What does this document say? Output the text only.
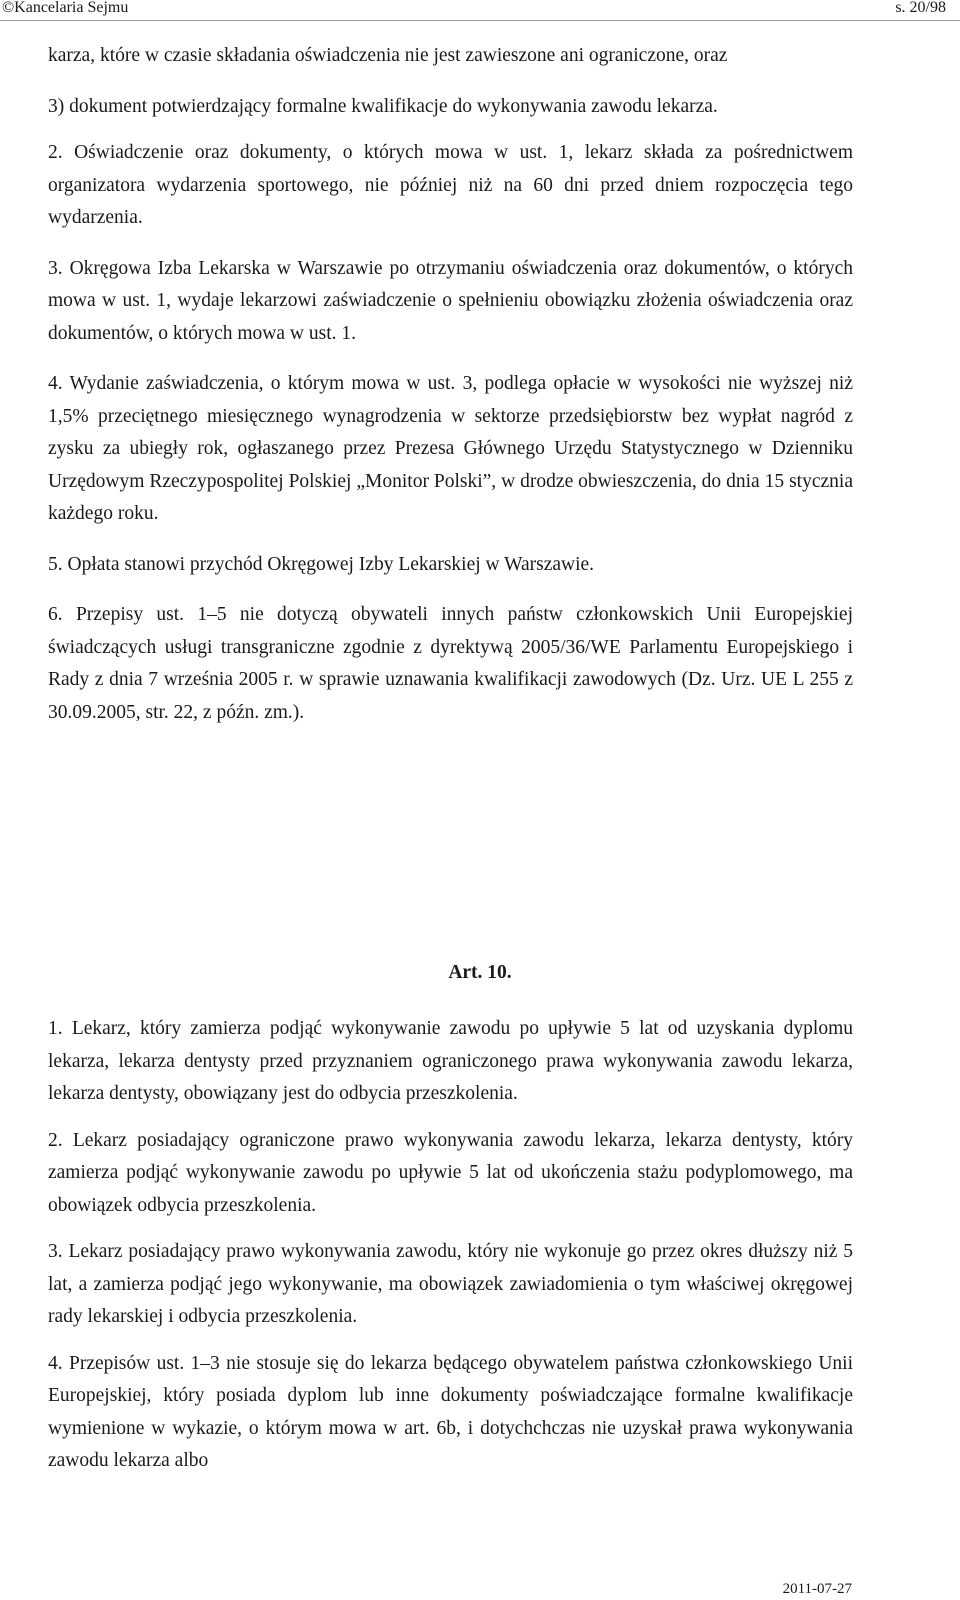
©Kancelaria Sejmu	s. 20/98

karza, które w czasie składania oświadczenia nie jest zawieszone ani ograniczone, oraz

3) dokument potwierdzający formalne kwalifikacje do wykonywania zawodu lekarza.

2. Oświadczenie oraz dokumenty, o których mowa w ust. 1, lekarz składa za pośrednictwem organizatora wydarzenia sportowego, nie później niż na 60 dni przed dniem rozpoczęcia tego wydarzenia.

3. Okręgowa Izba Lekarska w Warszawie po otrzymaniu oświadczenia oraz dokumentów, o których mowa w ust. 1, wydaje lekarzowi zaświadczenie o spełnieniu obowiązku złożenia oświadczenia oraz dokumentów, o których mowa w ust. 1.

4. Wydanie zaświadczenia, o którym mowa w ust. 3, podlega opłacie w wysokości nie wyższej niż 1,5% przeciętnego miesięcznego wynagrodzenia w sektorze przedsiębiorstw bez wypłat nagród z zysku za ubiegły rok, ogłaszanego przez Prezesa Głównego Urzędu Statystycznego w Dzienniku Urzędowym Rzeczypospolitej Polskiej „Monitor Polski”, w drodze obwieszczenia, do dnia 15 stycznia każdego roku.

5. Opłata stanowi przychód Okręgowej Izby Lekarskiej w Warszawie.

6. Przepisy ust. 1–5 nie dotyczą obywateli innych państw członkowskich Unii Europejskiej świadczących usługi transgraniczne zgodnie z dyrektywą 2005/36/WE Parlamentu Europejskiego i Rady z dnia 7 września 2005 r. w sprawie uznawania kwalifikacji zawodowych (Dz. Urz. UE L 255 z 30.09.2005, str. 22, z późn. zm.).

Art. 10.

1. Lekarz, który zamierza podjąć wykonywanie zawodu po upływie 5 lat od uzyskania dyplomu lekarza, lekarza dentysty przed przyznaniem ograniczonego prawa wykonywania zawodu lekarza, lekarza dentysty, obowiązany jest do odbycia przeszkolenia.

2. Lekarz posiadający ograniczone prawo wykonywania zawodu lekarza, lekarza dentysty, który zamierza podjąć wykonywanie zawodu po upływie 5 lat od ukończenia stażu podyplomowego, ma obowiązek odbycia przeszkolenia.

3. Lekarz posiadający prawo wykonywania zawodu, który nie wykonuje go przez okres dłuższy niż 5 lat, a zamierza podjąć jego wykonywanie, ma obowiązek zawiadomienia o tym właściwej okręgowej rady lekarskiej i odbycia przeszkolenia.

4. Przepisów ust. 1–3 nie stosuje się do lekarza będącego obywatelem państwa członkowskiego Unii Europejskiej, który posiada dyplom lub inne dokumenty poświadczające formalne kwalifikacje wymienione w wykazie, o którym mowa w art. 6b, i dotychchczas nie uzyskał prawa wykonywania zawodu lekarza albo

2011-07-27
